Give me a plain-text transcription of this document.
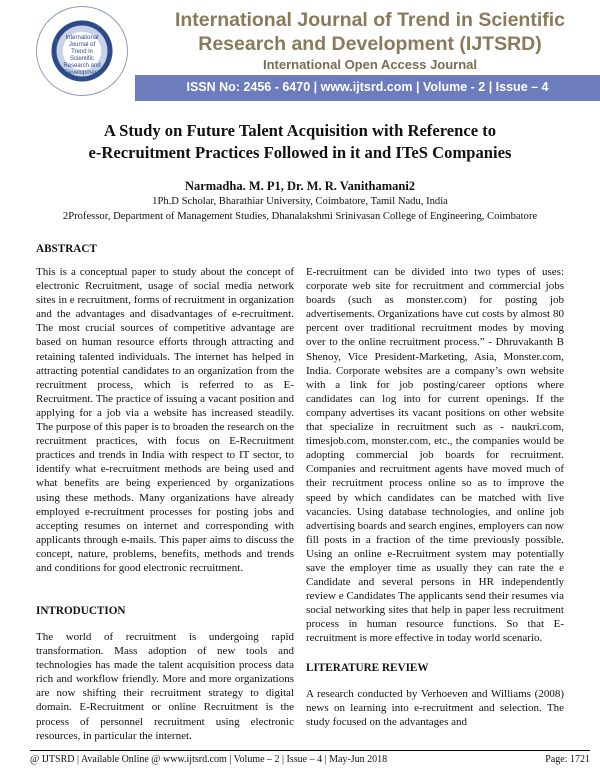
International Journal of Trend in Scientific Research and Development
International Journal of Trend in Scientific
Research and Development (IJTSRD)
International Open Access Journal
ISSN No: 2456 - 6470 | www.ijtsrd.com | Volume - 2 | Issue – 4
A Study on Future Talent Acquisition with Reference to
e-Recruitment Practices Followed in it and ITeS Companies
Narmadha. M. P1, Dr. M. R. Vanithamani2
1Ph.D Scholar, Bharathiar University, Coimbatore, Tamil Nadu, India
2Professor, Department of Management Studies, Dhanalakshmi Srinivasan College of Engineering, Coimbatore
ABSTRACT

This is a conceptual paper to study about the concept of electronic Recruitment, usage of social media network sites in e recruitment, forms of recruitment in organization and the advantages and disadvantages of e-recruitment. The most crucial sources of competitive advantage are based on human resource efforts through attracting and retaining talented individuals. The internet has helped in attracting potential candidates to an organization from the recruitment process, which is referred to as E-Recruitment. The practice of issuing a vacant position and applying for a job via a website has increased steadily. The purpose of this paper is to broaden the research on the recruitment practices, with focus on E-Recruitment practices and trends in India with respect to IT sector, to identify what e-recruitment methods are being used and what benefits are being experienced by organizations using these methods. Many organizations have already employed e-recruitment processes for posting jobs and accepting resumes on internet and corresponding with applicants through e-mails. This paper aims to discuss the concept, nature, problems, benefits, methods and trends and conditions for good electronic recruitment.

INTRODUCTION

The world of recruitment is undergoing rapid transformation. Mass adoption of new tools and technologies has made the talent acquisition process data rich and workflow friendly. More and more organizations are now shifting their recruitment strategy to digital domain. E-Recruitment or online Recruitment is the process of personnel recruitment using electronic resources, in particular the internet.

E-recruitment can be divided into two types of uses: corporate web site for recruitment and commercial jobs boards (such as monster.com) for posting job advertisements. Organizations have cut costs by almost 80 percent over traditional recruitment modes by moving over to the online recruitment process.” - Dhruvakanth B Shenoy, Vice President-Marketing, Asia, Monster.com, India. Corporate websites are a company’s own website with a link for job posting/career options where candidates can log into for current openings. If the company advertises its vacant positions on other website that specialize in recruitment such as - naukri.com, timesjob.com, monster.com, etc., the companies would be adopting commercial job boards for recruitment. Companies and recruitment agents have moved much of their recruitment process online so as to improve the speed by which candidates can be matched with live vacancies. Using database technologies, and online job advertising boards and search engines, employers can now fill posts in a fraction of the time previously possible. Using an online e-Recruitment system may potentially save the employer time as usually they can rate the e Candidate and several persons in HR independently review e Candidates The applicants send their resumes via social networking sites that help in paper less recruitment process in human resource functions. So that E-recruitment is more effective in today world scenario.

LITERATURE REVIEW

A research conducted by Verhoeven and Williams (2008) news on learning into e-recruitment and selection. The study focused on the advantages and

@ IJTSRD | Available Online @ www.ijtsrd.com | Volume – 2 | Issue – 4 | May-Jun 2018	Page: 1721
